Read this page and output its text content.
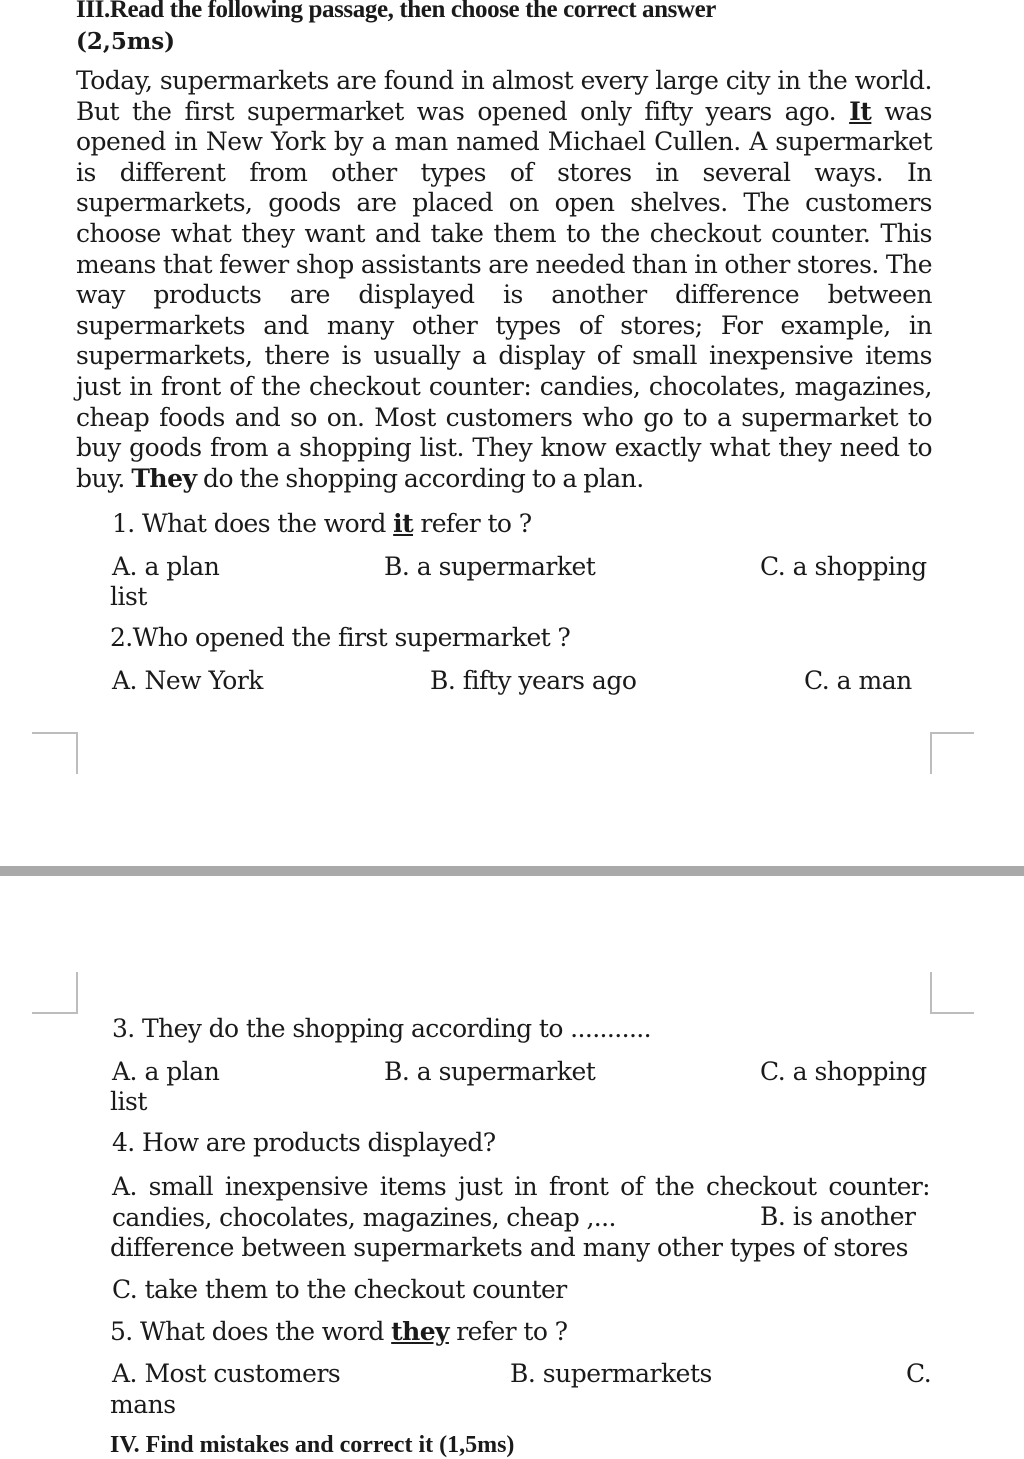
III.Read the following passage, then choose the correct answer
(2,5ms)
Today, supermarkets are found in almost every large city in the world. But the first supermarket was opened only fifty years ago. It was opened in New York by a man named Michael Cullen. A supermarket is different from other types of stores in several ways. In supermarkets, goods are placed on open shelves. The customers choose what they want and take them to the checkout counter. This means that fewer shop assistants are needed than in other stores. The way products are displayed is another difference between supermarkets and many other types of stores; For example, in supermarkets, there is usually a display of small inexpensive items just in front of the checkout counter: candies, chocolates, magazines, cheap foods and so on. Most customers who go to a supermarket to buy goods from a shopping list. They know exactly what they need to buy. They do the shopping according to a plan.
1. What does the word it refer to ?
A. a plan	B. a supermarket	C. a shopping
list
2.Who opened the first supermarket ?
A. New York	B. fifty years ago	C. a man
3. They do the shopping according to ...........
A. a plan	B. a supermarket	C. a shopping
list
4. How are products displayed?
A. small inexpensive items just in front of the checkout counter: candies, chocolates, magazines, cheap ,...	B. is another
difference between supermarkets and many other types of stores
C. take them to the checkout counter
5. What does the word they refer to ?
A. Most customers	B. supermarkets	C.
mans
IV. Find mistakes and correct it (1,5ms)
